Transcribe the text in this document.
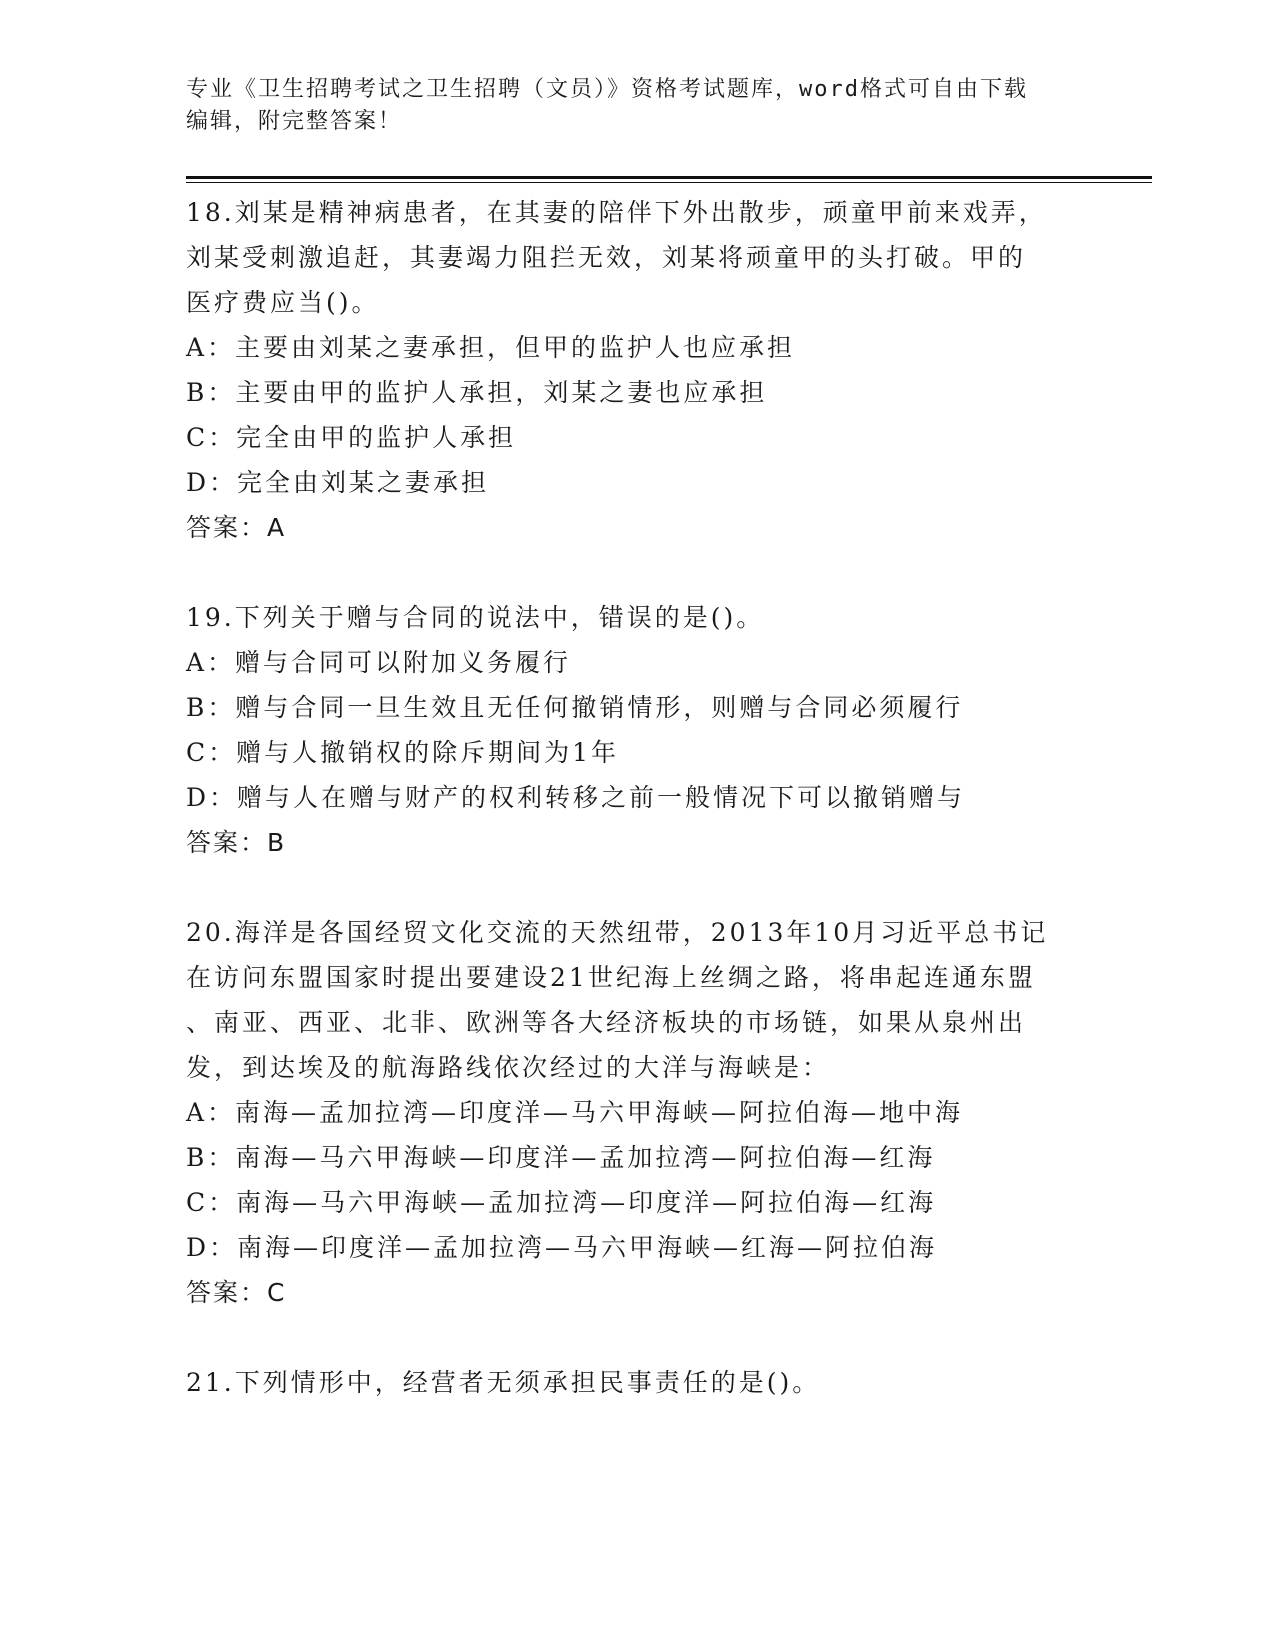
专业《卫生招聘考试之卫生招聘（文员）》资格考试题库，word格式可自由下载
编辑，附完整答案！
18.刘某是精神病患者，在其妻的陪伴下外出散步，顽童甲前来戏弄，
刘某受刺激追赶，其妻竭力阻拦无效，刘某将顽童甲的头打破。甲的
医疗费应当()。
A：主要由刘某之妻承担，但甲的监护人也应承担
B：主要由甲的监护人承担，刘某之妻也应承担
C：完全由甲的监护人承担
D：完全由刘某之妻承担
答案：A
19.下列关于赠与合同的说法中，错误的是()。
A：赠与合同可以附加义务履行
B：赠与合同一旦生效且无任何撤销情形，则赠与合同必须履行
C：赠与人撤销权的除斥期间为1年
D：赠与人在赠与财产的权利转移之前一般情况下可以撤销赠与
答案：B
20.海洋是各国经贸文化交流的天然纽带，2013年10月习近平总书记
在访问东盟国家时提出要建设21世纪海上丝绸之路，将串起连通东盟
、南亚、西亚、北非、欧洲等各大经济板块的市场链，如果从泉州出
发，到达埃及的航海路线依次经过的大洋与海峡是：
A：南海—孟加拉湾—印度洋—马六甲海峡—阿拉伯海—地中海
B：南海—马六甲海峡—印度洋—孟加拉湾—阿拉伯海—红海
C：南海—马六甲海峡—孟加拉湾—印度洋—阿拉伯海—红海
D：南海—印度洋—孟加拉湾—马六甲海峡—红海—阿拉伯海
答案：C
21.下列情形中，经营者无须承担民事责任的是()。
